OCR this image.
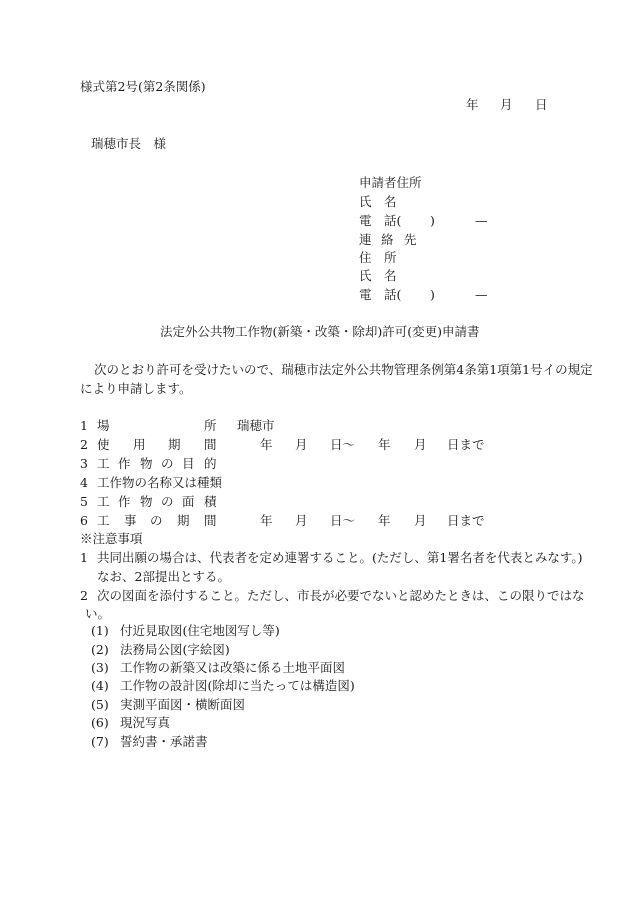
様式第2号(第2条関係)
年 月 日
瑞穂市長　様
申請者住所
氏 名
電 話( )	—
連 絡 先
住 所
氏 名
電 話( )	—
法定外公共物工作物(新築・改築・除却)許可(変更)申請書
次のとおり許可を受けたいので、瑞穂市法定外公共物管理条例第4条第1項第1号イの規定
により申請します。
1 場	所 瑞穂市
2 使 用 期 間	年 月 日〜 年 月 日まで
3 工 作 物 の 目 的
4 工作物の名称又は種類
5 工 作 物 の 面 積
6 工 事 の 期 間	年 月 日〜 年 月 日まで
※注意事項
1 共同出願の場合は、代表者を定め連署すること。(ただし、第1署名者を代表とみなす。)
なお、2部提出とする。
2 次の図面を添付すること。ただし、市長が必要でないと認めたときは、この限りではな
い。
(1) 付近見取図(住宅地図写し等)
(2) 法務局公図(字絵図)
(3) 工作物の新築又は改築に係る土地平面図
(4) 工作物の設計図(除却に当たっては構造図)
(5) 実測平面図・横断面図
(6) 現況写真
(7) 誓約書・承諾書
